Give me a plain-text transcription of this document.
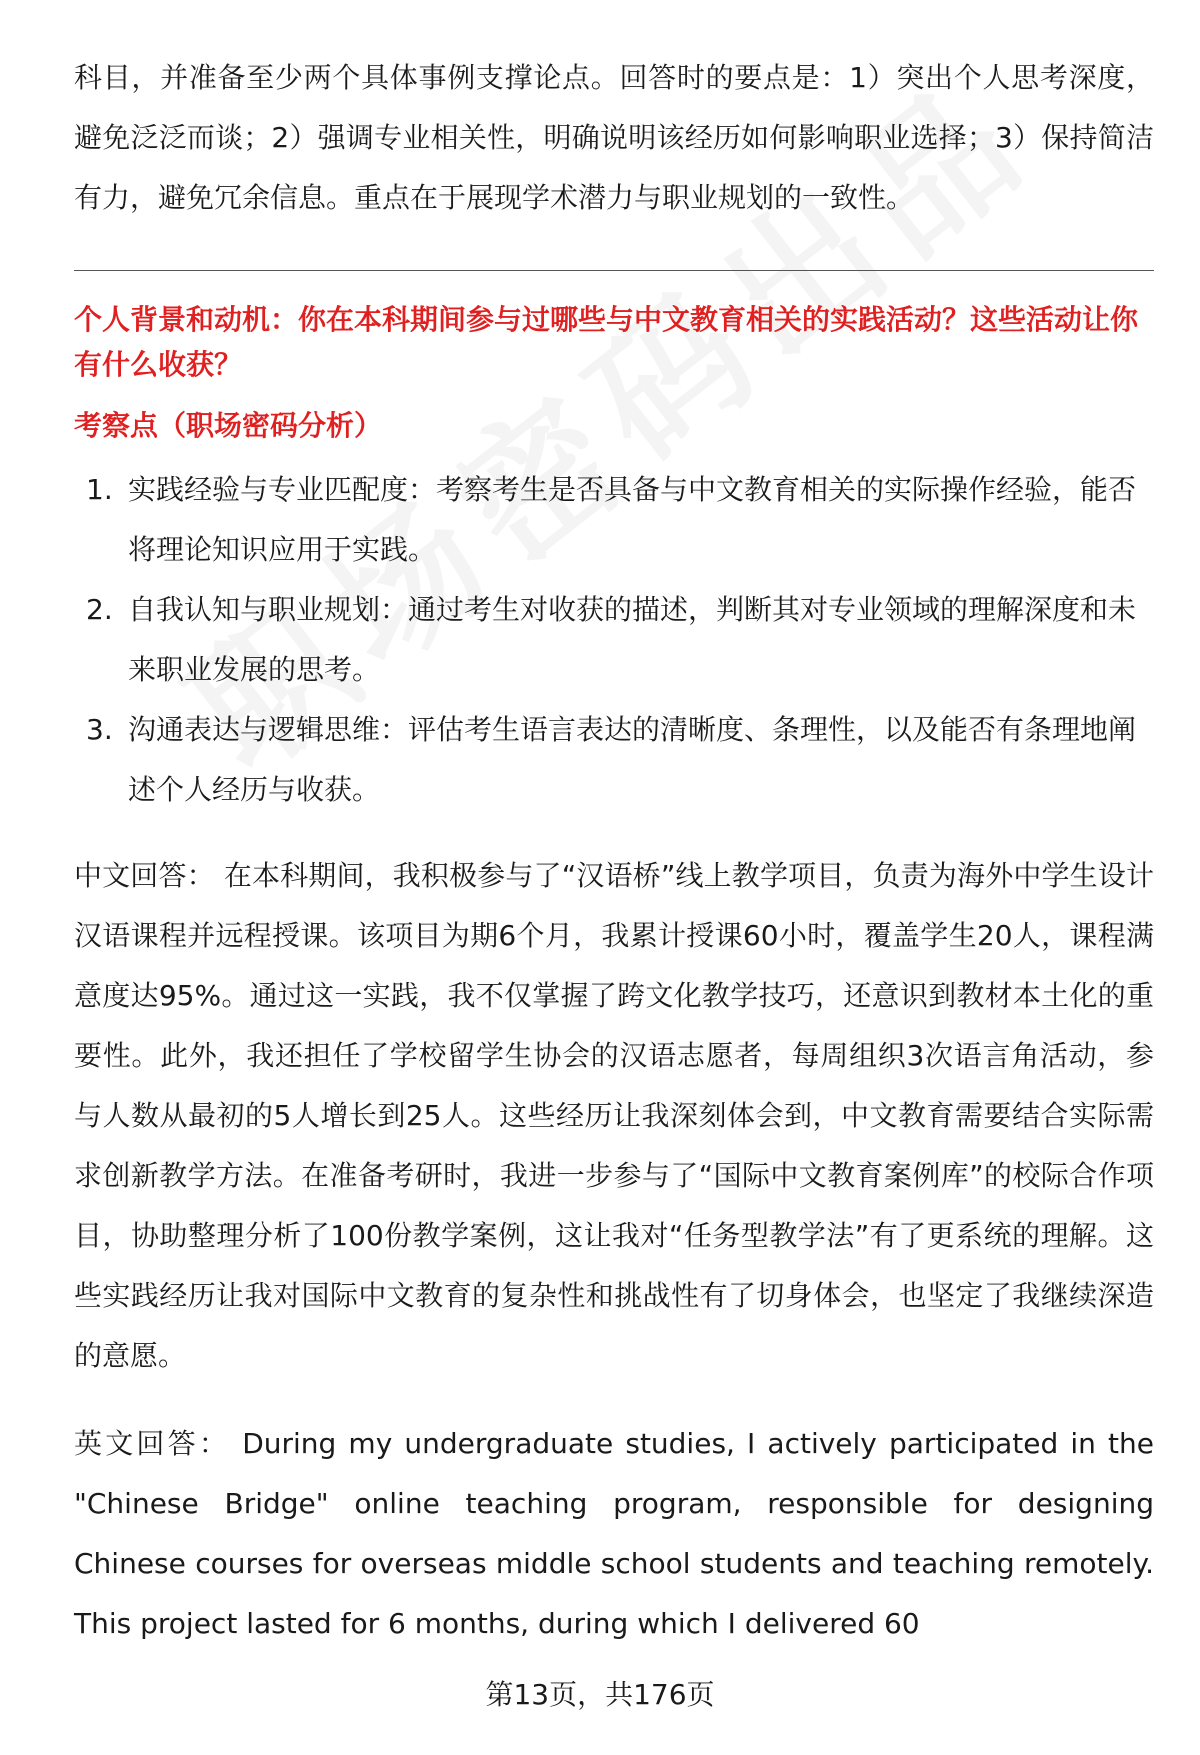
科目，并准备至少两个具体事例支撑论点。回答时的要点是：1）突出个人思考深度，避免泛泛而谈；2）强调专业相关性，明确说明该经历如何影响职业选择；3）保持简洁有力，避免冗余信息。重点在于展现学术潜力与职业规划的一致性。

个人背景和动机：你在本科期间参与过哪些与中文教育相关的实践活动？这些活动让你有什么收获？

考察点（职场密码分析）

1. 实践经验与专业匹配度：考察考生是否具备与中文教育相关的实际操作经验，能否将理论知识应用于实践。
2. 自我认知与职业规划：通过考生对收获的描述，判断其对专业领域的理解深度和未来职业发展的思考。
3. 沟通表达与逻辑思维：评估考生语言表达的清晰度、条理性，以及能否有条理地阐述个人经历与收获。

中文回答： 在本科期间，我积极参与了“汉语桥”线上教学项目，负责为海外中学生设计汉语课程并远程授课。该项目为期6个月，我累计授课60小时，覆盖学生20人，课程满意度达95%。通过这一实践，我不仅掌握了跨文化教学技巧，还意识到教材本土化的重要性。此外，我还担任了学校留学生协会的汉语志愿者，每周组织3次语言角活动，参与人数从最初的5人增长到25人。这些经历让我深刻体会到，中文教育需要结合实际需求创新教学方法。在准备考研时，我进一步参与了“国际中文教育案例库”的校际合作项目，协助整理分析了100份教学案例，这让我对“任务型教学法”有了更系统的理解。这些实践经历让我对国际中文教育的复杂性和挑战性有了切身体会，也坚定了我继续深造的意愿。

英文回答： During my undergraduate studies, I actively participated in the "Chinese Bridge" online teaching program, responsible for designing Chinese courses for overseas middle school students and teaching remotely. This project lasted for 6 months, during which I delivered 60

第13页，共176页
